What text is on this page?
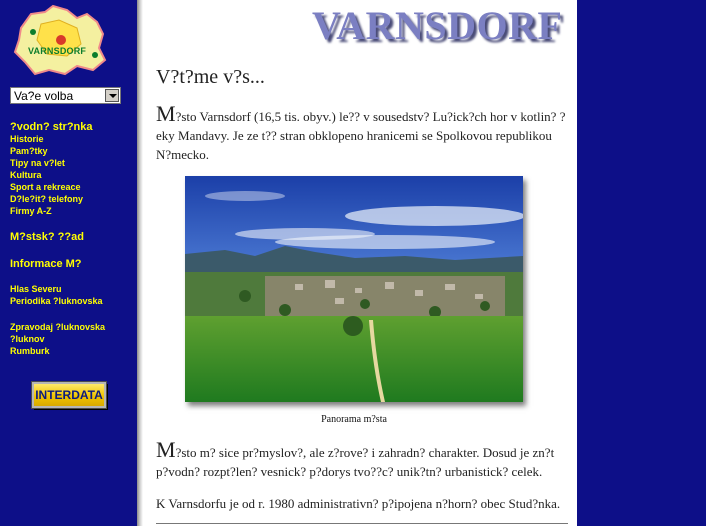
VARNSDORF
Va?e volba
?vodn? str?nka
Historie
Pam?tky
Tipy na v?let
Kultura
Sport a rekreace
D?le?it? telefony
Firmy A-Z
M?stsk? ??ad
Informace M?
Hlas Severu
Periodika ?luknovska
Zpravodaj ?luknovska
?luknov
Rumburk
INTERDATA
VARNSDORF
V?t?me v?s...

M?sto Varnsdorf (16,5 tis. obyv.) le?? v sousedstv? Lu?ick?ch hor v kotlin? ?eky Mandavy. Je ze t?? stran obklopeno hranicemi se Spolkovou republikou N?mecko.

Panorama m?sta

M?sto m? sice pr?myslov?, ale z?rove? i zahradn? charakter. Dosud je zn?t p?vodn? rozpt?len? vesnick? p?dorys tvo??c? unik?tn? urbanistick? celek.

K Varnsdorfu je od r. 1980 administrativn? p?ipojena n?horn? obec Stud?nka.
